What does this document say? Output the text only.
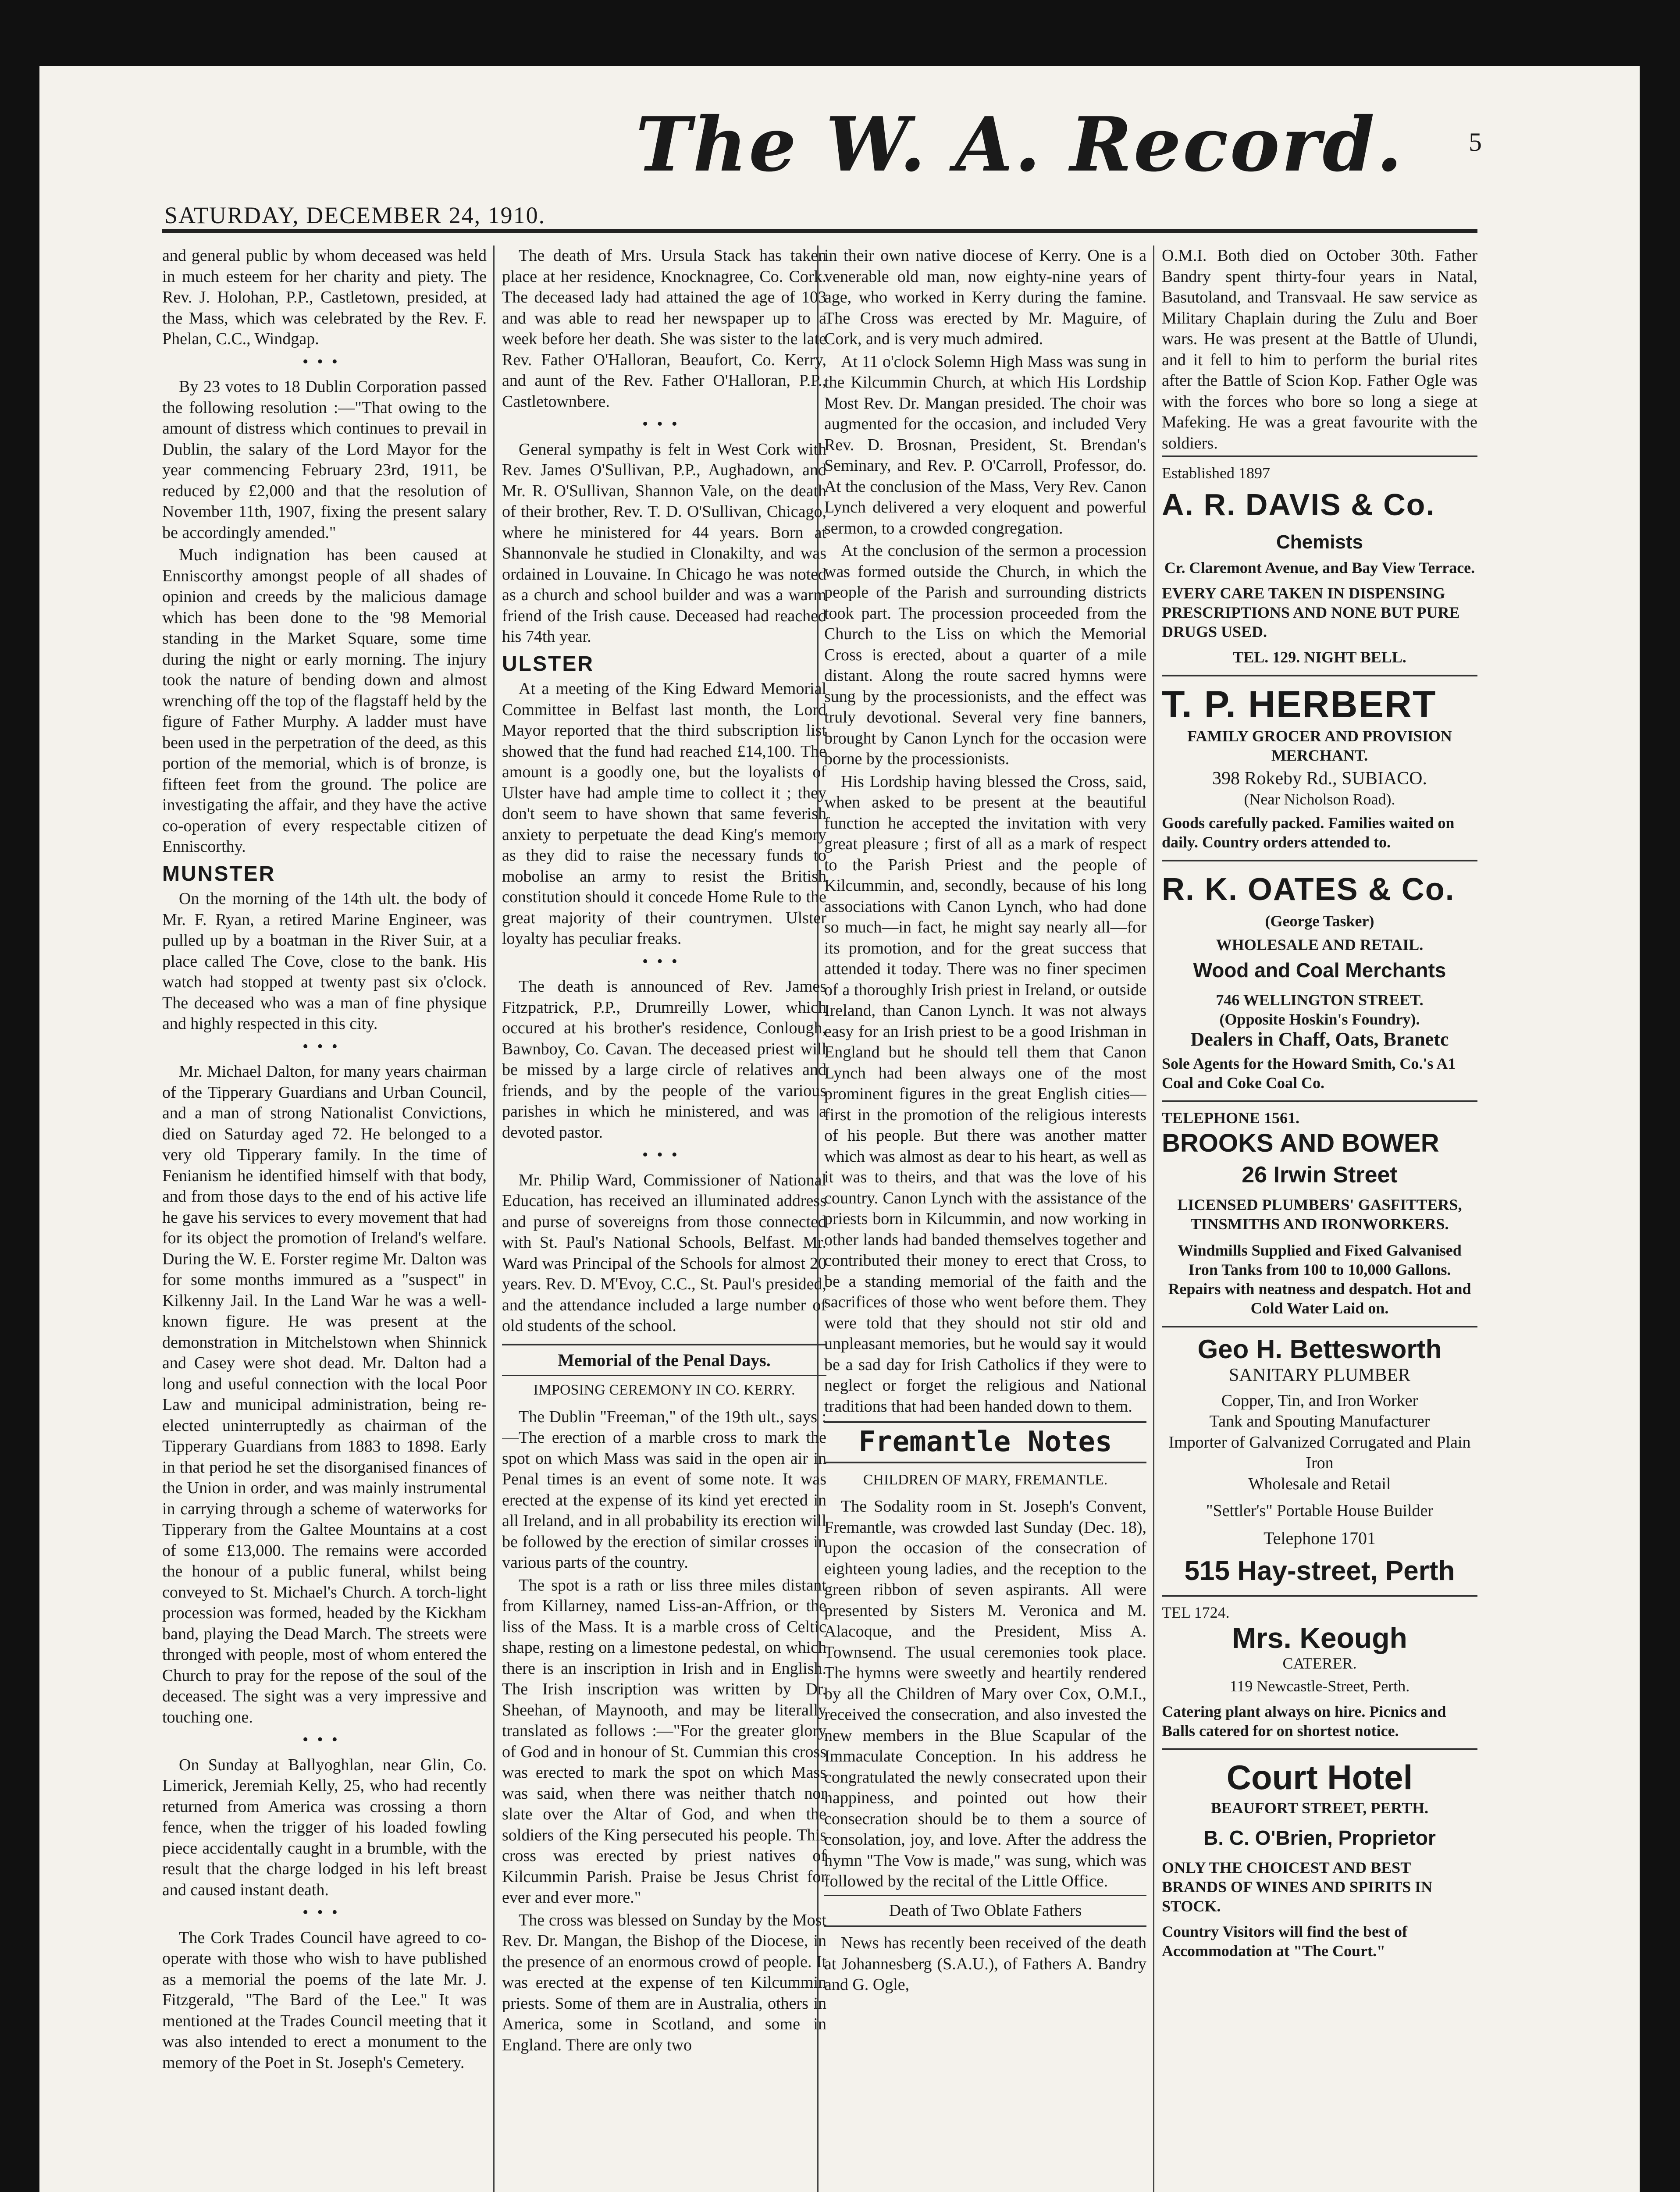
The W. A. Record.
SATURDAY, DECEMBER 24, 1910.
5

and general public by whom deceased was held in much esteem for her charity and piety. The Rev. J. Holohan, P.P., Castletown, presided, at the Mass, which was celebrated by the Rev. F. Phelan, C.C., Windgap.

•••

By 23 votes to 18 Dublin Corporation passed the following resolution :—"That owing to the amount of distress which continues to prevail in Dublin, the salary of the Lord Mayor for the year commencing February 23rd, 1911, be reduced by £2,000 and that the resolution of November 11th, 1907, fixing the present salary be accordingly amended."

Much indignation has been caused at Enniscorthy amongst people of all shades of opinion and creeds by the malicious damage which has been done to the '98 Memorial standing in the Market Square, some time during the night or early morning. The injury took the nature of bending down and almost wrenching off the top of the flagstaff held by the figure of Father Murphy. A ladder must have been used in the perpetration of the deed, as this portion of the memorial, which is of bronze, is fifteen feet from the ground. The police are investigating the affair, and they have the active co-operation of every respectable citizen of Enniscorthy.

MUNSTER

On the morning of the 14th ult. the body of Mr. F. Ryan, a retired Marine Engineer, was pulled up by a boatman in the River Suir, at a place called The Cove, close to the bank. His watch had stopped at twenty past six o'clock. The deceased who was a man of fine physique and highly respected in this city.

•••

Mr. Michael Dalton, for many years chairman of the Tipperary Guardians and Urban Council, and a man of strong Nationalist Convictions, died on Saturday aged 72. He belonged to a very old Tipperary family. In the time of Fenianism he identified himself with that body, and from those days to the end of his active life he gave his services to every movement that had for its object the promotion of Ireland's welfare. During the W. E. Forster regime Mr. Dalton was for some months immured as a "suspect" in Kilkenny Jail. In the Land War he was a well-known figure. He was present at the demonstration in Mitchelstown when Shinnick and Casey were shot dead. Mr. Dalton had a long and useful connection with the local Poor Law and municipal administration, being re-elected uninterruptedly as chairman of the Tipperary Guardians from 1883 to 1898. Early in that period he set the disorganised finances of the Union in order, and was mainly instrumental in carrying through a scheme of waterworks for Tipperary from the Galtee Mountains at a cost of some £13,000. The remains were accorded the honour of a public funeral, whilst being conveyed to St. Michael's Church. A torch-light procession was formed, headed by the Kickham band, playing the Dead March. The streets were thronged with people, most of whom entered the Church to pray for the repose of the soul of the deceased. The sight was a very impressive and touching one.

•••

On Sunday at Ballyoghlan, near Glin, Co. Limerick, Jeremiah Kelly, 25, who had recently returned from America was crossing a thorn fence, when the trigger of his loaded fowling piece accidentally caught in a brumble, with the result that the charge lodged in his left breast and caused instant death.

•••

The Cork Trades Council have agreed to co-operate with those who wish to have published as a memorial the poems of the late Mr. J. Fitzgerald, "The Bard of the Lee." It was mentioned at the Trades Council meeting that it was also intended to erect a monument to the memory of the Poet in St. Joseph's Cemetery.

The death of Mrs. Ursula Stack has taken place at her residence, Knocknagree, Co. Cork. The deceased lady had attained the age of 103 and was able to read her newspaper up to a week before her death. She was sister to the late Rev. Father O'Halloran, Beaufort, Co. Kerry, and aunt of the Rev. Father O'Halloran, P.P., Castletownbere.

•••

General sympathy is felt in West Cork with Rev. James O'Sullivan, P.P., Aughadown, and Mr. R. O'Sullivan, Shannon Vale, on the death of their brother, Rev. T. D. O'Sullivan, Chicago, where he ministered for 44 years. Born at Shannonvale he studied in Clonakilty, and was ordained in Louvaine. In Chicago he was noted as a church and school builder and was a warm friend of the Irish cause. Deceased had reached his 74th year.

ULSTER

At a meeting of the King Edward Memorial Committee in Belfast last month, the Lord Mayor reported that the third subscription list showed that the fund had reached £14,100. The amount is a goodly one, but the loyalists of Ulster have had ample time to collect it ; they don't seem to have shown that same feverish anxiety to perpetuate the dead King's memory as they did to raise the necessary funds to mobolise an army to resist the British constitution should it concede Home Rule to the great majority of their countrymen. Ulster loyalty has peculiar freaks.

•••

The death is announced of Rev. James Fitzpatrick, P.P., Drumreilly Lower, which occured at his brother's residence, Conlough, Bawnboy, Co. Cavan. The deceased priest will be missed by a large circle of relatives and friends, and by the people of the various parishes in which he ministered, and was a devoted pastor.

•••

Mr. Philip Ward, Commissioner of National Education, has received an illuminated address and purse of sovereigns from those connected with St. Paul's National Schools, Belfast. Mr. Ward was Principal of the Schools for almost 20 years. Rev. D. M'Evoy, C.C., St. Paul's presided, and the attendance included a large number of old students of the school.

Memorial of the Penal Days.
IMPOSING CEREMONY IN CO. KERRY.

The Dublin "Freeman," of the 19th ult., says :—The erection of a marble cross to mark the spot on which Mass was said in the open air in Penal times is an event of some note. It was erected at the expense of its kind yet erected in all Ireland, and in all probability its erection will be followed by the erection of similar crosses in various parts of the country.

The spot is a rath or liss three miles distant from Killarney, named Liss-an-Affrion, or the liss of the Mass. It is a marble cross of Celtic shape, resting on a limestone pedestal, on which there is an inscription in Irish and in English. The Irish inscription was written by Dr. Sheehan, of Maynooth, and may be literally translated as follows :—"For the greater glory of God and in honour of St. Cummian this cross was erected to mark the spot on which Mass was said, when there was neither thatch nor slate over the Altar of God, and when the soldiers of the King persecuted his people. This cross was erected by priest natives of Kilcummin Parish. Praise be Jesus Christ for ever and ever more."

The cross was blessed on Sunday by the Most Rev. Dr. Mangan, the Bishop of the Diocese, in the presence of an enormous crowd of people. It was erected at the expense of ten Kilcummin priests. Some of them are in Australia, others in America, some in Scotland, and some in England. There are only two

in their own native diocese of Kerry. One is a venerable old man, now eighty-nine years of age, who worked in Kerry during the famine. The Cross was erected by Mr. Maguire, of Cork, and is very much admired.

At 11 o'clock Solemn High Mass was sung in the Kilcummin Church, at which His Lordship Most Rev. Dr. Mangan presided. The choir was augmented for the occasion, and included Very Rev. D. Brosnan, President, St. Brendan's Seminary, and Rev. P. O'Carroll, Professor, do. At the conclusion of the Mass, Very Rev. Canon Lynch delivered a very eloquent and powerful sermon, to a crowded congregation.

At the conclusion of the sermon a procession was formed outside the Church, in which the people of the Parish and surrounding districts took part. The procession proceeded from the Church to the Liss on which the Memorial Cross is erected, about a quarter of a mile distant. Along the route sacred hymns were sung by the processionists, and the effect was truly devotional. Several very fine banners, brought by Canon Lynch for the occasion were borne by the processionists.

His Lordship having blessed the Cross, said, when asked to be present at the beautiful function he accepted the invitation with very great pleasure ; first of all as a mark of respect to the Parish Priest and the people of Kilcummin, and, secondly, because of his long associations with Canon Lynch, who had done so much—in fact, he might say nearly all—for its promotion, and for the great success that attended it today. There was no finer specimen of a thoroughly Irish priest in Ireland, or outside Ireland, than Canon Lynch. It was not always easy for an Irish priest to be a good Irishman in England but he should tell them that Canon Lynch had been always one of the most prominent figures in the great English cities—first in the promotion of the religious interests of his people. But there was another matter which was almost as dear to his heart, as well as it was to theirs, and that was the love of his country. Canon Lynch with the assistance of the priests born in Kilcummin, and now working in other lands had banded themselves together and contributed their money to erect that Cross, to be a standing memorial of the faith and the sacrifices of those who went before them. They were told that they should not stir old and unpleasant memories, but he would say it would be a sad day for Irish Catholics if they were to neglect or forget the religious and National traditions that had been handed down to them.

Fremantle Notes
CHILDREN OF MARY, FREMANTLE.

The Sodality room in St. Joseph's Convent, Fremantle, was crowded last Sunday (Dec. 18), upon the occasion of the consecration of eighteen young ladies, and the reception to the green ribbon of seven aspirants. All were presented by Sisters M. Veronica and M. Alacoque, and the President, Miss A. Townsend. The usual ceremonies took place. The hymns were sweetly and heartily rendered by all the Children of Mary over Cox, O.M.I., received the consecration, and also invested the new members in the Blue Scapular of the Immaculate Conception. In his address he congratulated the newly consecrated upon their happiness, and pointed out how their consecration should be to them a source of consolation, joy, and love. After the address the hymn "The Vow is made," was sung, which was followed by the recital of the Little Office.

Death of Two Oblate Fathers

News has recently been received of the death at Johannesberg (S.A.U.), of Fathers A. Bandry and G. Ogle,

O.M.I. Both died on October 30th. Father Bandry spent thirty-four years in Natal, Basutoland, and Transvaal. He saw service as Military Chaplain during the Zulu and Boer wars. He was present at the Battle of Ulundi, and it fell to him to perform the burial rites after the Battle of Scion Kop. Father Ogle was with the forces who bore so long a siege at Mafeking. He was a great favourite with the soldiers.

Established 1897
A. R. DAVIS & Co.
Chemists
Cr. Claremont Avenue, and Bay View Terrace.
EVERY CARE TAKEN IN DISPENSING PRESCRIPTIONS AND NONE BUT PURE DRUGS USED.
TEL. 129. NIGHT BELL.
T. P. HERBERT
FAMILY GROCER AND PROVISION MERCHANT.
398 Rokeby Rd., SUBIACO.
(Near Nicholson Road).
Goods carefully packed. Families waited on daily. Country orders attended to.
R. K. OATES & Co.
(George Tasker)
WHOLESALE AND RETAIL.
Wood and Coal Merchants
746 WELLINGTON STREET.
(Opposite Hoskin's Foundry).
Dealers in Chaff, Oats, Branetc
Sole Agents for the Howard Smith, Co.'s A1 Coal and Coke Coal Co.
TELEPHONE 1561.
BROOKS AND BOWER
26 Irwin Street
LICENSED PLUMBERS' GASFITTERS, TINSMITHS AND IRONWORKERS.
Windmills Supplied and Fixed Galvanised Iron Tanks from 100 to 10,000 Gallons. Repairs with neatness and despatch. Hot and Cold Water Laid on.
Geo H. Bettesworth
SANITARY PLUMBER
Copper, Tin, and Iron Worker
Tank and Spouting Manufacturer
Importer of Galvanized Corrugated and Plain Iron
Wholesale and Retail
"Settler's" Portable House Builder
Telephone 1701
515 Hay-street, Perth
TEL 1724.
Mrs. Keough
CATERER.
119 Newcastle-Street, Perth.
Catering plant always on hire. Picnics and Balls catered for on shortest notice.
Court Hotel
BEAUFORT STREET, PERTH.
B. C. O'Brien, Proprietor
ONLY THE CHOICEST AND BEST BRANDS OF WINES AND SPIRITS IN STOCK.
Country Visitors will find the best of Accommodation at "The Court."
